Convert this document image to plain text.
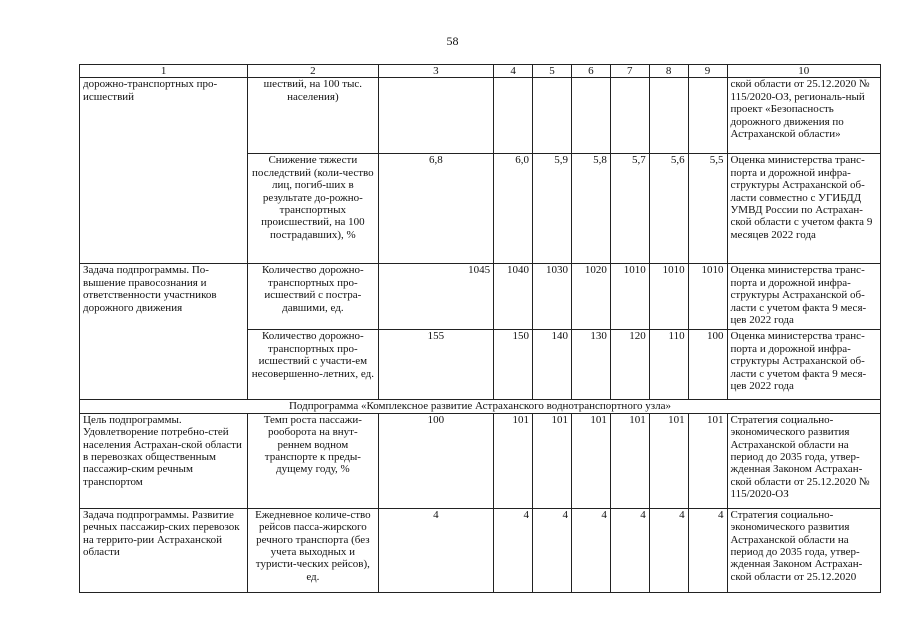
58
1	2	3	4	5	6	7	8	9	10
дорожно-транспортных про-исшествий	шествий, на 100 тыс. населения)								ской области от 25.12.2020 № 115/2020-ОЗ, региональ-ный проект «Безопасность дорожного движения по Астраханской области»
	Снижение тяжести последствий (коли-чество лиц, погиб-ших в результате до-рожно-транспортных происшествий, на 100 пострадавших), %	6,8	6,0	5,9	5,8	5,7	5,6	5,5	Оценка министерства транс-порта и дорожной инфра-структуры Астраханской об-ласти совместно с УГИБДД УМВД России по Астрахан-ской области с учетом факта 9 месяцев 2022 года
Задача подпрограммы. По-вышение правосознания и ответственности участников дорожного движения	Количество дорожно-транспортных про-исшествий с постра-давшими, ед.	1045	1040	1030	1020	1010	1010	1010	Оценка министерства транс-порта и дорожной инфра-структуры Астраханской об-ласти с учетом факта 9 меся-цев 2022 года
	Количество дорожно-транспортных про-исшествий с участи-ем несовершенно-летних, ед.	155	150	140	130	120	110	100	Оценка министерства транс-порта и дорожной инфра-структуры Астраханской об-ласти с учетом факта 9 меся-цев 2022 года
Подпрограмма «Комплексное развитие Астраханского воднотранспортного узла»									
Цель подпрограммы. Удовлетворение потребно-стей населения Астрахан-ской области в перевозках общественным пассажир-ским речным транспортом	Темп роста пассажи-рооборота на внут-реннем водном транспорте к преды-дущему году, %	100	101	101	101	101	101	101	Стратегия социально-экономического развития Астраханской области на период до 2035 года, утвер-жденная Законом Астрахан-ской области от 25.12.2020 № 115/2020-ОЗ
Задача подпрограммы. Развитие речных пассажир-ских перевозок на террито-рии Астраханской области	Ежедневное количе-ство рейсов пасса-жирского речного транспорта (без учета выходных и туристи-ческих рейсов), ед.	4	4	4	4	4	4	4	Стратегия социально-экономического развития Астраханской области на период до 2035 года, утвер-жденная Законом Астрахан-ской области от 25.12.2020
